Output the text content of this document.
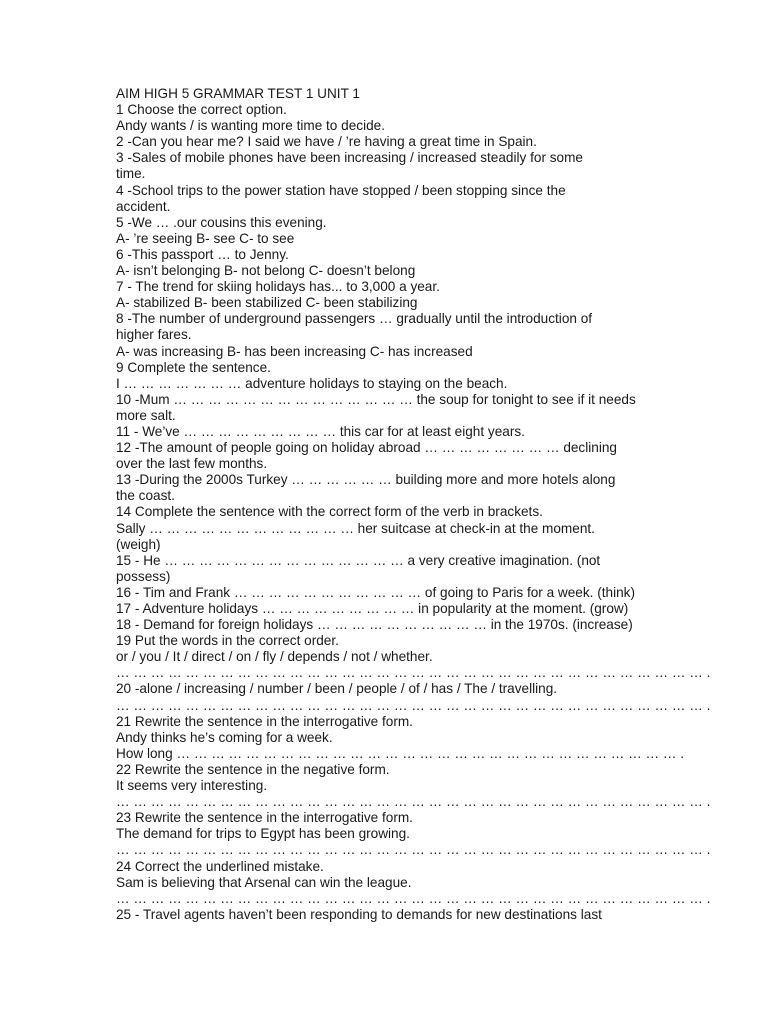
AIM HIGH 5 GRAMMAR TEST 1 UNIT 1
1 Choose the correct option.
Andy wants / is wanting more time to decide.
2 -Can you hear me? I said we have / ’re having a great time in Spain.
3 -Sales of mobile phones have been increasing / increased steadily for some
time.
4 -School trips to the power station have stopped / been stopping since the
accident.
5 -We … .our cousins this evening.
A- ’re seeing B- see C- to see
6 -This passport … to Jenny.
A- isn’t belonging B- not belong C- doesn’t belong
7 - The trend for skiing holidays has... to 3,000 a year.
A- stabilized B- been stabilized C- been stabilizing
8 -The number of underground passengers … gradually until the introduction of
higher fares.
A- was increasing B- has been increasing C- has increased
9 Complete the sentence.
I … … … … … … … adventure holidays to staying on the beach.
10 -Mum … … … … … … … … … … … … … … the soup for tonight to see if it needs
more salt.
11 - We’ve … … … … … … … … … this car for at least eight years.
12 -The amount of people going on holiday abroad … … … … … … … … declining
over the last few months.
13 -During the 2000s Turkey … … … … … … building more and more hotels along
the coast.
14 Complete the sentence with the correct form of the verb in brackets.
Sally … … … … … … … … … … … … her suitcase at check-in at the moment.
(weigh)
15 - He … … … … … … … … … … … … … … a very creative imagination. (not
possess)
16 - Tim and Frank … … … … … … … … … … … of going to Paris for a week. (think)
17 - Adventure holidays … … … … … … … … … in popularity at the moment. (grow)
18 - Demand for foreign holidays … … … … … … … … … … in the 1970s. (increase)
19 Put the words in the correct order.
or / you / It / direct / on / fly / depends / not / whether.
… … … … … … … … … … … … … … … … … … … … … … … … … … … … … … … … … … .
20 -alone / increasing / number / been / people / of / has / The / travelling.
… … … … … … … … … … … … … … … … … … … … … … … … … … … … … … … … … … .
21 Rewrite the sentence in the interrogative form.
Andy thinks he’s coming for a week.
How long … … … … … … … … … … … … … … … … … … … … … … … … … … … … … .
22 Rewrite the sentence in the negative form.
It seems very interesting.
… … … … … … … … … … … … … … … … … … … … … … … … … … … … … … … … … … .
23 Rewrite the sentence in the interrogative form.
The demand for trips to Egypt has been growing.
… … … … … … … … … … … … … … … … … … … … … … … … … … … … … … … … … … .
24 Correct the underlined mistake.
Sam is believing that Arsenal can win the league.
… … … … … … … … … … … … … … … … … … … … … … … … … … … … … … … … … … .
25 - Travel agents haven’t been responding to demands for new destinations last
